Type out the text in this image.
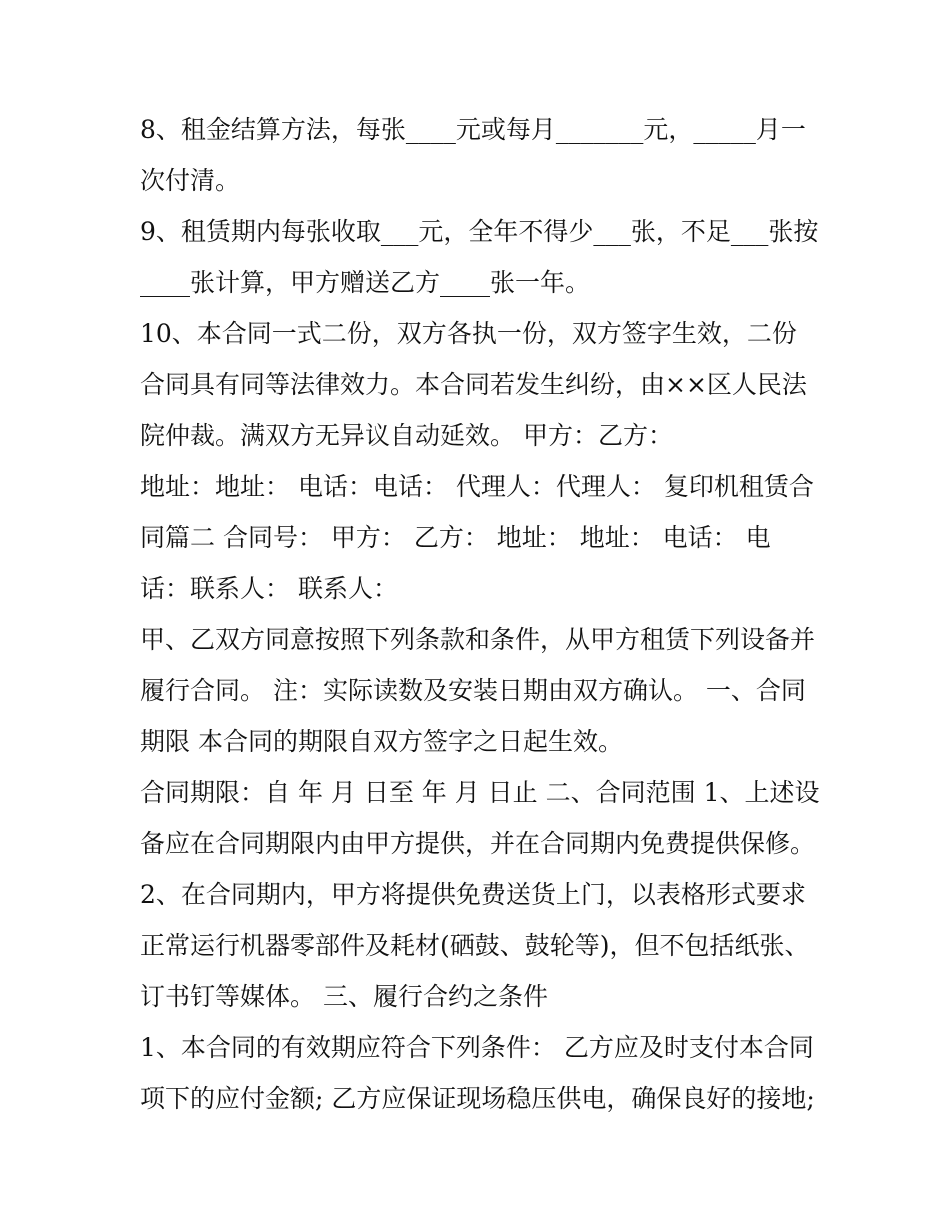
8、租金结算方法，每张____元或每月_______元，_____月一次付清。

9、租赁期内每张收取___元，全年不得少___张，不足___张按____张计算，甲方赠送乙方____张一年。

10、本合同一式二份，双方各执一份，双方签字生效，二份合同具有同等法律效力。本合同若发生纠纷，由××区人民法院仲裁。满双方无异议自动延效。 甲方：乙方：

地址：地址： 电话：电话： 代理人：代理人： 复印机租赁合同篇二 合同号： 甲方： 乙方： 地址： 地址： 电话： 电话：联系人： 联系人：

甲、乙双方同意按照下列条款和条件，从甲方租赁下列设备并履行合同。 注：实际读数及安装日期由双方确认。 一、合同期限 本合同的期限自双方签字之日起生效。

合同期限：自 年 月 日至 年 月 日止 二、合同范围 1、上述设备应在合同期限内由甲方提供，并在合同期内免费提供保修。

2、在合同期内，甲方将提供免费送货上门，以表格形式要求正常运行机器零部件及耗材(硒鼓、鼓轮等)，但不包括纸张、订书钉等媒体。 三、履行合约之条件

1、本合同的有效期应符合下列条件： 乙方应及时支付本合同项下的应付金额; 乙方应保证现场稳压供电，确保良好的接地;
